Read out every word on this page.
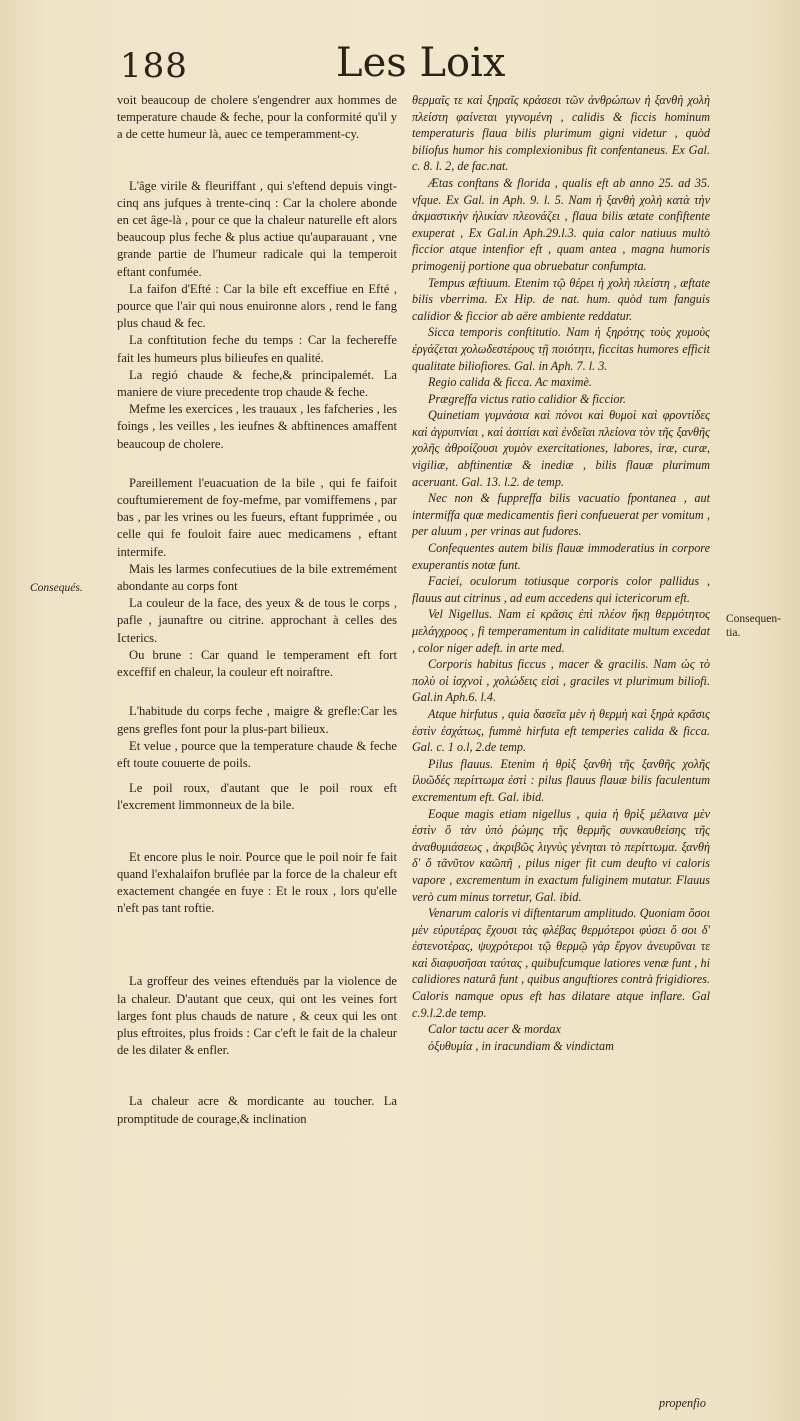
188	Les Loix
Consequés.
Consequen-
tia.

voit beaucoup de cholere s'engendrer aux hommes de temperature chaude & feche, pour la conformité qu'il y a de cette humeur là, auec ce temperamment-cy.

L'âge virile & fleuriffant , qui s'eftend depuis vingt-cinq ans jufques à trente-cinq : Car la cholere abonde en cet âge-là , pour ce que la chaleur naturelle eft alors beaucoup plus feche & plus actiue qu'auparauant , vne grande partie de l'humeur radicale qui la temperoit eftant confumée.

La faifon d'Efté : Car la bile eft exceffiue en Efté , pource que l'air qui nous enuironne alors , rend le fang plus chaud & fec.

La conftitution feche du temps : Car la fechereffe fait les humeurs plus bilieufes en qualité.

La regió chaude & feche,& principalemét. La maniere de viure precedente trop chaude & feche.

Mefme les exercices , les trauaux , les fafcheries , les foings , les veilles , les ieufnes & abftinences amaffent beaucoup de cholere.

Pareillement l'euacuation de la bile , qui fe faifoit couftumierement de foy-mefme, par vomiffemens , par bas , par les vrines ou les fueurs, eftant fupprimée , ou celle qui fe fouloit faire auec medicamens , eftant intermife.

Mais les larmes confecutiues de la bile extremément abondante au corps font

La couleur de la face, des yeux & de tous le corps , pafle , jaunaftre ou citrine. approchant à celles des Icterics.

Ou brune : Car quand le temperament eft fort exceffif en chaleur, la couleur eft noiraftre.

L'habitude du corps feche , maigre & grefle:Car les gens grefles font pour la plus-part bilieux.

Et velue , pource que la temperature chaude & feche eft toute couuerte de poils.

Le poil roux, d'autant que le poil roux eft l'excrement limmonneux de la bile.

Et encore plus le noir. Pource que le poil noir fe fait quand l'exhalaifon bruflée par la force de la chaleur eft exactement changée en fuye : Et le roux , lors qu'elle n'eft pas tant roftie.

La groffeur des veines eftenduës par la violence de la chaleur. D'autant que ceux, qui ont les veines fort larges font plus chauds de nature , & ceux qui les ont plus eftroites, plus froids : Car c'eft le fait de la chaleur de les dilater & enfler.

La chaleur acre & mordicante au toucher. La promptitude de courage,& inclination

θερμαῖς τε καὶ ξηραῖς κράσεσι τῶν ἀνθρώπων ἡ ξανθὴ χολὴ πλείστη φαίνεται γιγνομένη , calidis & ficcis hominum temperaturis flaua bilis plurimum gigni videtur , quòd biliofus humor his complexionibus fit confentaneus. Ex Gal. c. 8. l. 2, de fac.nat.

Ætas conftans & florida , qualis eft ab anno 25. ad 35. vfque. Ex Gal. in Aph. 9. l. 5. Nam ἡ ξανθὴ χολὴ κατὰ τὴν ἀκμαστικὴν ἡλικίαν πλεονάζει , flaua bilis ætate confiftente exuperat , Ex Gal.in Aph.29.l.3. quia calor natiuus multò ficcior atque intenfior eft , quam antea , magna humoris primogenij portione qua obruebatur confumpta.

Tempus æftiuum. Etenim τῷ θέρει ἡ χολὴ πλείστη , æftate bilis vberrima. Ex Hip. de nat. hum. quòd tum fanguis calidior & ficcior ab aëre ambiente reddatur.

Sicca temporis conftitutio. Nam ἡ ξηρότης τοὺς χυμοὺς ἐργάζεται χολωδεστέρους τῇ ποιότητι, ficcitas humores efficit qualitate biliofiores. Gal. in Aph. 7. l. 3.

Regio calida & ficca. Ac maximè.

Prægreffa victus ratio calidior & ficcior.

Quinetiam γυμνάσια καὶ πόνοι καὶ θυμοὶ καὶ φροντίδες καὶ ἀγρυπνίαι , καὶ ἀσιτίαι καὶ ἐνδεῖαι πλείονα τὸν τῆς ξανθῆς χολῆς ἀθροίζουσι χυμὸν exercitationes, labores, iræ, curæ, vigiliæ, abftinentiæ & inediæ , bilis flauæ plurimum aceruant. Gal. 13. l.2. de temp.

Nec non & fuppreffa bilis vacuatio fpontanea , aut intermiffa quæ medicamentis fieri confueuerat per vomitum , per aluum , per vrinas aut fudores.

Confequentes autem bilis flauæ immoderatius in corpore exuperantis notæ funt.

Faciei, oculorum totiusque corporis color pallidus , flauus aut citrinus , ad eum accedens qui ictericorum eft.

Vel Nigellus. Nam εἰ κρᾶσις ἐπὶ πλέον ἥκῃ θερμότητος μελάγχροος , fi temperamentum in caliditate multum excedat , color niger adeft. in arte med.

Corporis habitus ficcus , macer & gracilis. Nam ὡς τὸ πολὺ οἱ ἰσχνοὶ , χολώδεις εἰσὶ , graciles vt plurimum biliofi. Gal.in Aph.6. l.4.

Atque hirfutus , quia δασεῖα μὲν ἡ θερμὴ καὶ ξηρὰ κρᾶσις ἐστὶν ἐσχάτως, fummè hirfuta eft temperies calida & ficca. Gal. c. 1 o.l, 2.de temp.

Pilus flauus. Etenim ἡ θρὶξ ξανθὴ τῆς ξανθῆς χολῆς ἰλυῶδές περίττωμα ἐστὶ : pilus flauus flauæ bilis faculentum excrementum eft. Gal. ibid.

Eoque magis etiam nigellus , quia ἡ θρὶξ μέλαινα μὲν ἐστὶν ὅ τὰν ὑπὸ ῥώμης τῆς θερμῆς συνκαυθείσης τῆς ἀναθυμιάσεως , ἀκριβῶς λιγνὺς γένηται τὸ περίττωμα. ξανθὴ δ' ὅ τᾶνῦτον καῶπῆ , pilus niger fit cum deufto vi caloris vapore , excrementum in exactum fuliginem mutatur. Flauus verò cum minus torretur, Gal. ibid.

Venarum caloris vi diftentarum amplitudo. Quoniam ὅσοι μὲν εὐρυτέρας ἔχουσι τὰς φλέβας θερμότεροι φύσει ὅ σοι δ' ἐστενοτέρας, ψυχρότεροι τῷ θερμῷ γὰρ ἔργον ἀνευρῦναι τε καὶ διαφυσῆσαι ταύτας , quibufcumque latiores venæ funt , hi calidiores naturâ funt , quibus anguftiores contrà frigidiores. Caloris namque opus eft has dilatare atque inflare. Gal c.9.l.2.de temp.

Calor tactu acer & mordax

ὀξυθυμία , in iracundiam & vindictam

propenfio
